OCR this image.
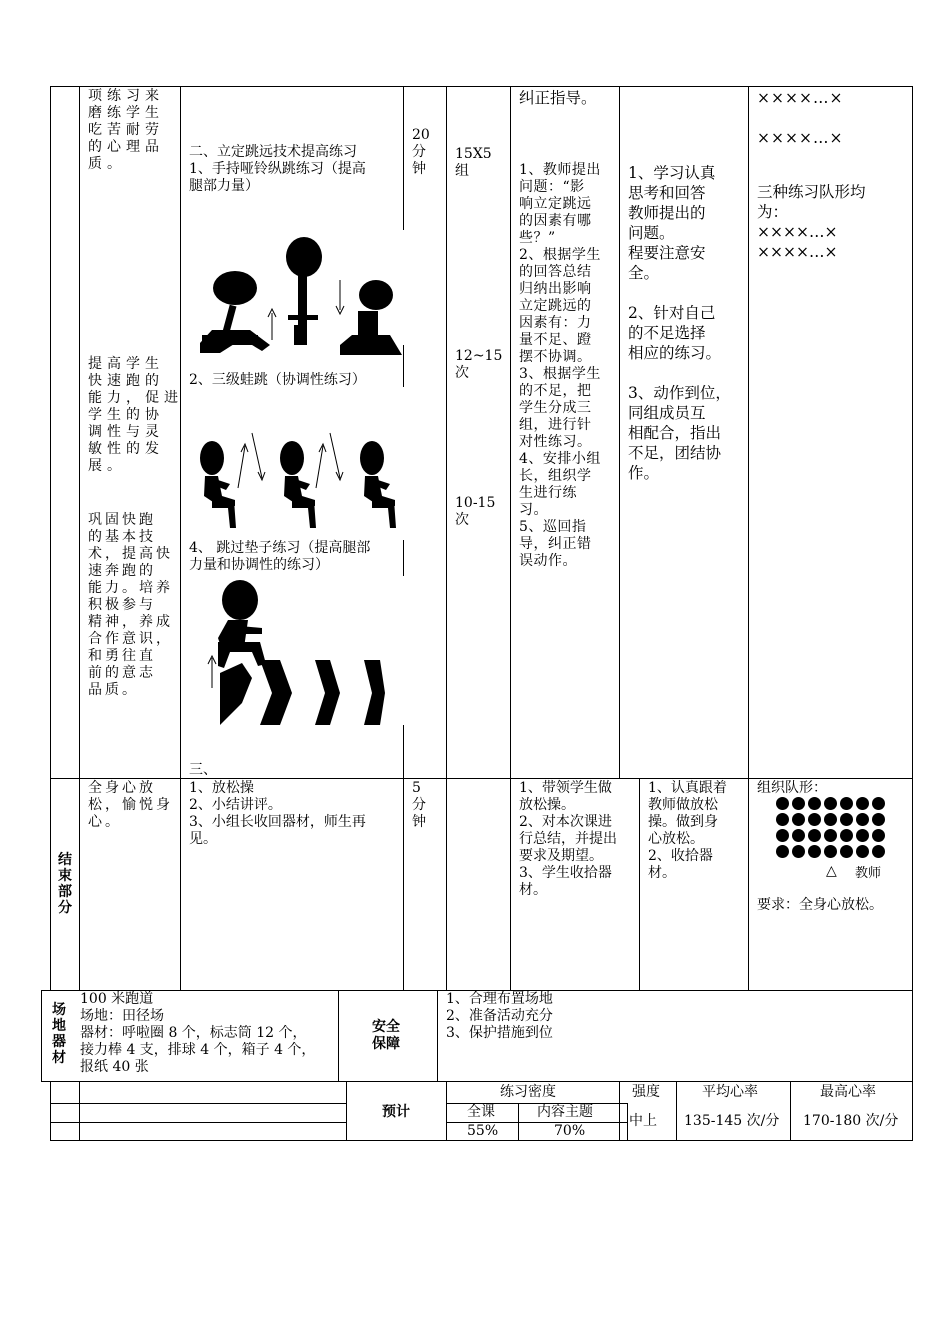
项练习来
磨练学生
吃苦耐劳
的心理品
质。
提高学生
快速跑的
能力，促进
学生的协
调性与灵
敏性的发
展。
巩固快跑
的基本技
术，提高快
速奔跑的
能力。培养
积极参与
精神，养成
合作意识，
和勇往直
前的意志
品质。
二、立定跳远技术提高练习
1、手持哑铃纵跳练习（提高
腿部力量）
2、三级蛙跳（协调性练习）
4、 跳过垫子练习（提高腿部
力量和协调性的练习）
三、
20
分
钟
15X5
组
12~15
次
10-15
次
纠正指导。
1、教师提出
问题：“影
响立定跳远
的因素有哪
些？”
2、根据学生
的回答总结
归纳出影响
立定跳远的
因素有：力
量不足、蹬
摆不协调。
3、根据学生
的不足，把
学生分成三
组，进行针
对性练习。
4、安排小组
长，组织学
生进行练
习。
5、巡回指
导，纠正错
误动作。
1、学习认真
思考和回答
教师提出的
问题。
程要注意安
全。

2、针对自己
的不足选择
相应的练习。

3、动作到位，
同组成员互
相配合，指出
不足，团结协
作。
××××…×

××××…×
三种练习队形均
为：
××××…×
××××…×
结
束
部
分
全身心放
松，愉悦身
心。
1、放松操
2、小结讲评。
3、小组长收回器材，师生再
见。
5
分
钟
1、带领学生做
放松操。
2、对本次课进
行总结，并提出
要求及期望。
3、学生收拾器
材。
1、认真跟着
教师做放松
操。做到身
心放松。
2、收拾器
材。
组织队形：
△ 教师
要求：全身心放松。
场
地
器
材
100 米跑道
场地：田径场
器材：呼啦圈 8 个，标志筒 12 个，
接力棒 4 支，排球 4 个，箱子 4 个，
报纸 40 张
安全
保障
1、合理布置场地
2、准备活动充分
3、保护措施到位
预计
练习密度
全课	内容主题
55%	70%
强度
中上
平均心率
135-145 次/分
最高心率
170-180 次/分
